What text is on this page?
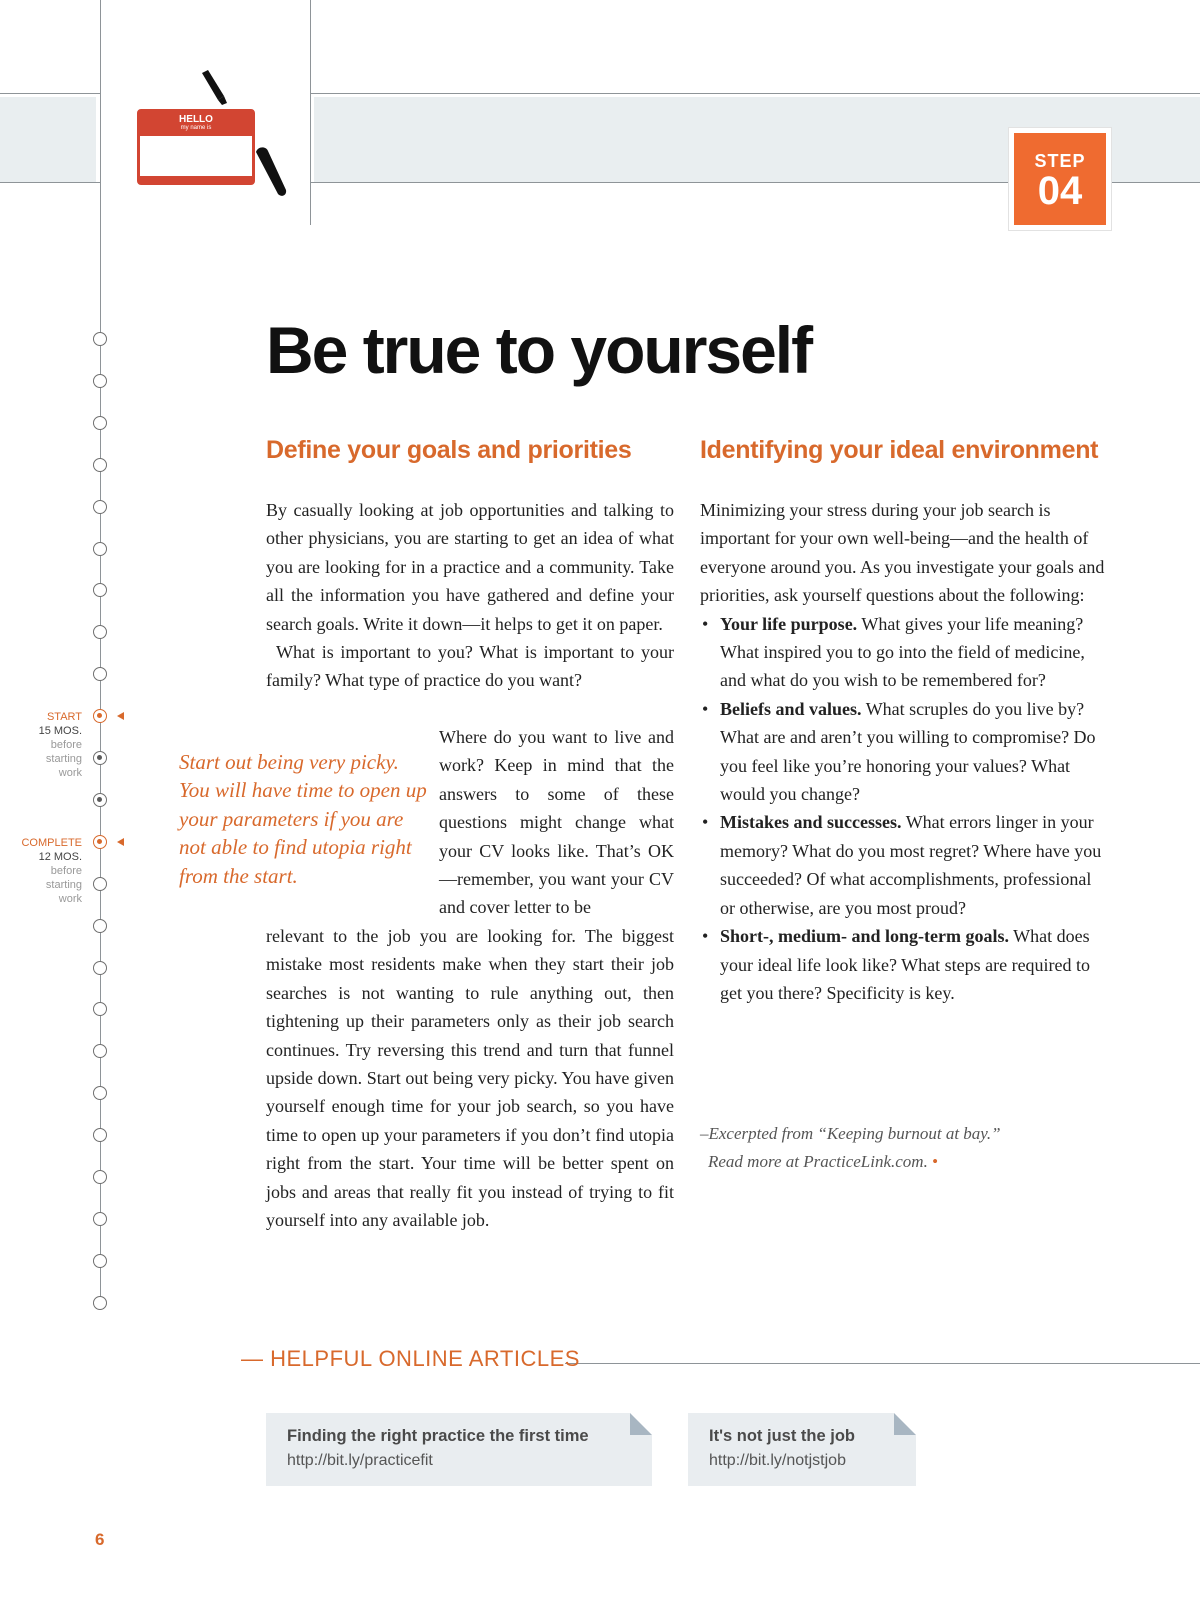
HELLO
my name is
STEP
04
Be true to yourself
Define your goals and priorities	Identifying your ideal environment

By casually looking at job opportunities and talking to other physicians, you are starting to get an idea of what you are looking for in a practice and a community. Take all the information you have gathered and define your search goals. Write it down—it helps to get it on paper.

What is important to you? What is important to your family? What type of practice do you want?

Where do you want to live and work? Keep in mind that the answers to some of these questions might change what your CV looks like. That’s OK—remember, you want your CV and cover letter to be

relevant to the job you are looking for. The biggest mistake most residents make when they start their job searches is not wanting to rule anything out, then tightening up their parameters only as their job search continues. Try reversing this trend and turn that funnel upside down. Start out being very picky. You have given yourself enough time for your job search, so you have time to open up your parameters if you don’t find utopia right from the start. Your time will be better spent on jobs and areas that really fit you instead of trying to fit yourself into any available job.

Start out being very picky. You will have time to open up your parameters if you are not able to find utopia right from the start.

Minimizing your stress during your job search is important for your own well-being—and the health of everyone around you. As you investigate your goals and priorities, ask yourself questions about the following:

• Your life purpose. What gives your life meaning? What inspired you to go into the field of medicine, and what do you wish to be remembered for?
• Beliefs and values. What scruples do you live by? What are and aren’t you willing to compromise? Do you feel like you’re honoring your values? What would you change?
• Mistakes and successes. What errors linger in your memory? What do you most regret? Where have you succeeded? Of what accomplishments, professional or otherwise, are you most proud?
• Short-, medium- and long-term goals. What does your ideal life look like? What steps are required to get you there? Specificity is key.
–Excerpted from “Keeping burnout at bay.”
Read more at PracticeLink.com. •
START
15 MOS.
before
starting
work
COMPLETE
12 MOS.
before
starting
work
— HELPFUL ONLINE ARTICLES
Finding the right practice the first time
http://bit.ly/practicefit
It's not just the job
http://bit.ly/notjstjob
6
